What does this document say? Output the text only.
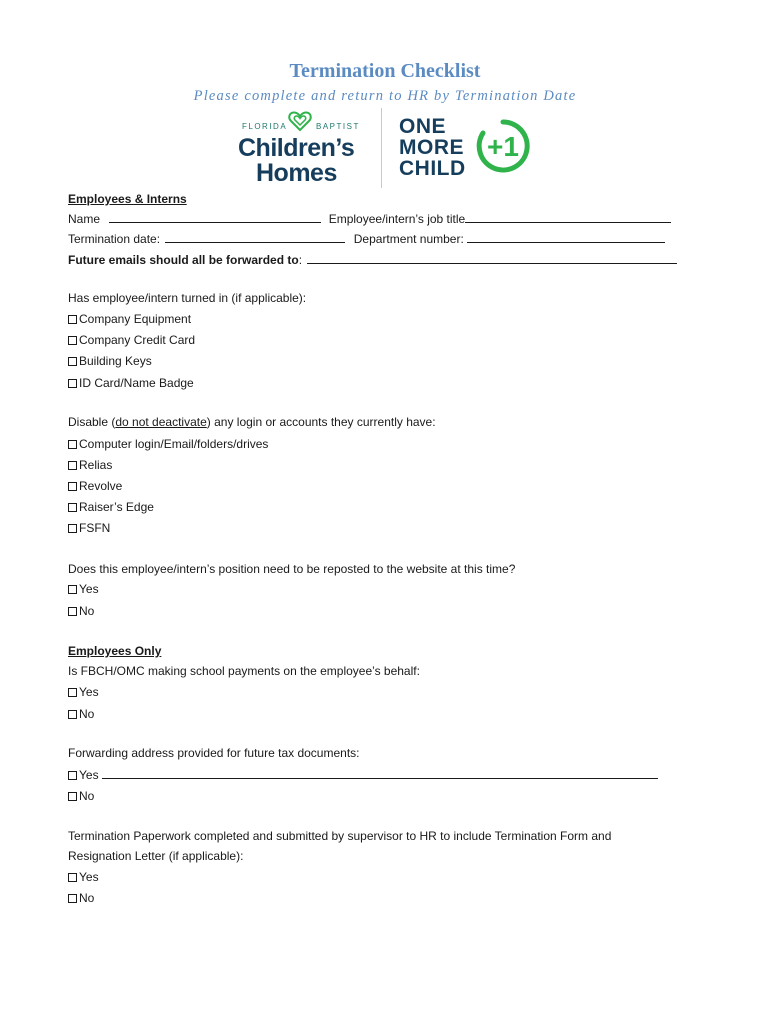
Termination Checklist
Please complete and return to HR by Termination Date
FLORIDA	BAPTIST
Children’s
Homes
ONE
MORE
CHILD
+1
Employees & Interns
Name	Employee/intern’s job title
Termination date:	Department number:
Future emails should all be forwarded to:
Has employee/intern turned in (if applicable):
Company Equipment
Company Credit Card
Building Keys
ID Card/Name Badge
Disable (do not deactivate) any login or accounts they currently have:
Computer login/Email/folders/drives
Relias
Revolve
Raiser’s Edge
FSFN
Does this employee/intern’s position need to be reposted to the website at this time?
Yes
No
Employees Only
Is FBCH/OMC making school payments on the employee’s behalf:
Yes
No
Forwarding address provided for future tax documents:
Yes
No
Termination Paperwork completed and submitted by supervisor to HR to include Termination Form and
Resignation Letter (if applicable):
Yes
No
